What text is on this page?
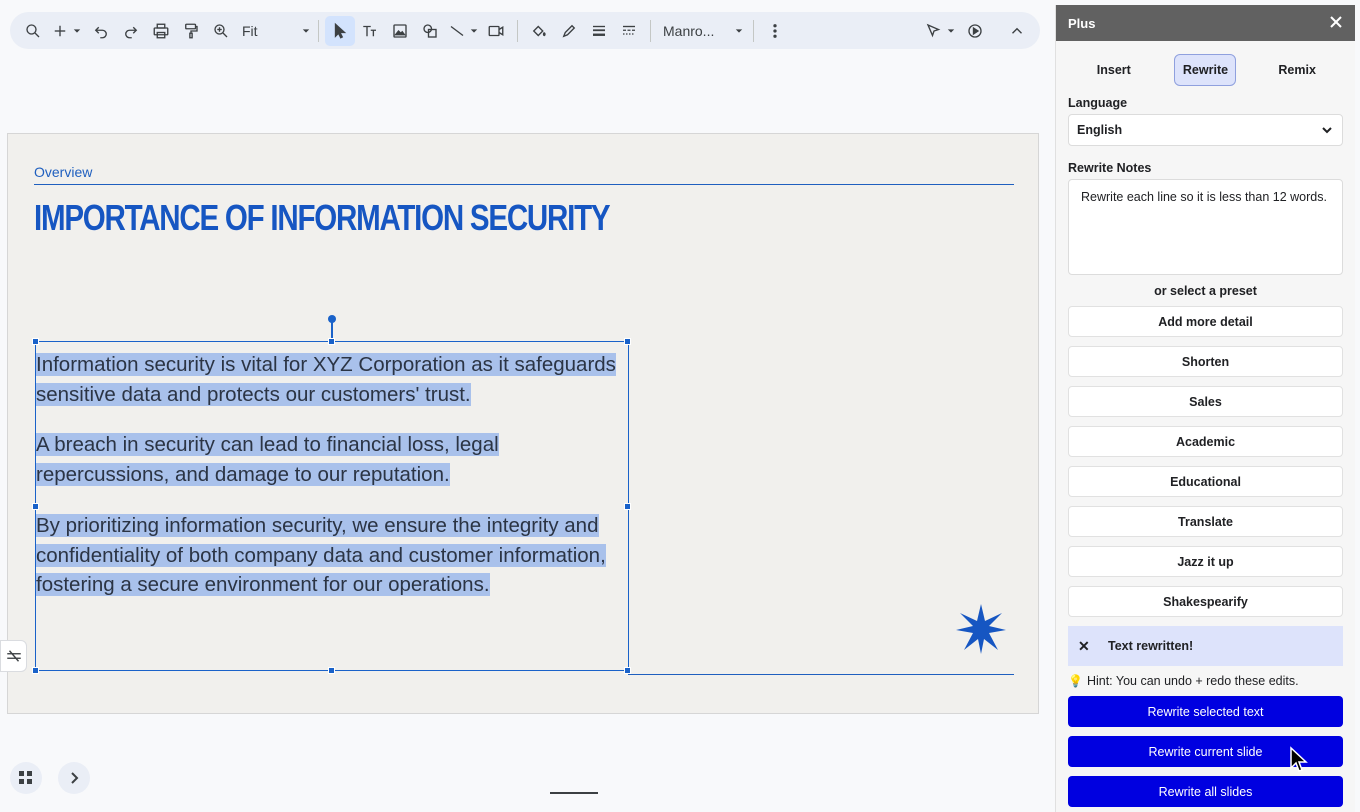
Fit	Manro...
Overview
IMPORTANCE OF INFORMATION SECURITY

Information security is vital for XYZ Corporation as it safeguards sensitive data and protects our customers' trust.

A breach in security can lead to financial loss, legal repercussions, and damage to our reputation.

By prioritizing information security, we ensure the integrity and confidentiality of both company data and customer information, fostering a secure environment for our operations.

Plus
Insert	Rewrite	Remix
Language
English
Rewrite Notes
Rewrite each line so it is less than 12 words.
or select a preset
Add more detail
Shorten
Sales
Academic
Educational
Translate
Jazz it up
Shakespearify
✕	Text rewritten!
💡 Hint: You can undo + redo these edits.
Rewrite selected text
Rewrite current slide
Rewrite all slides
